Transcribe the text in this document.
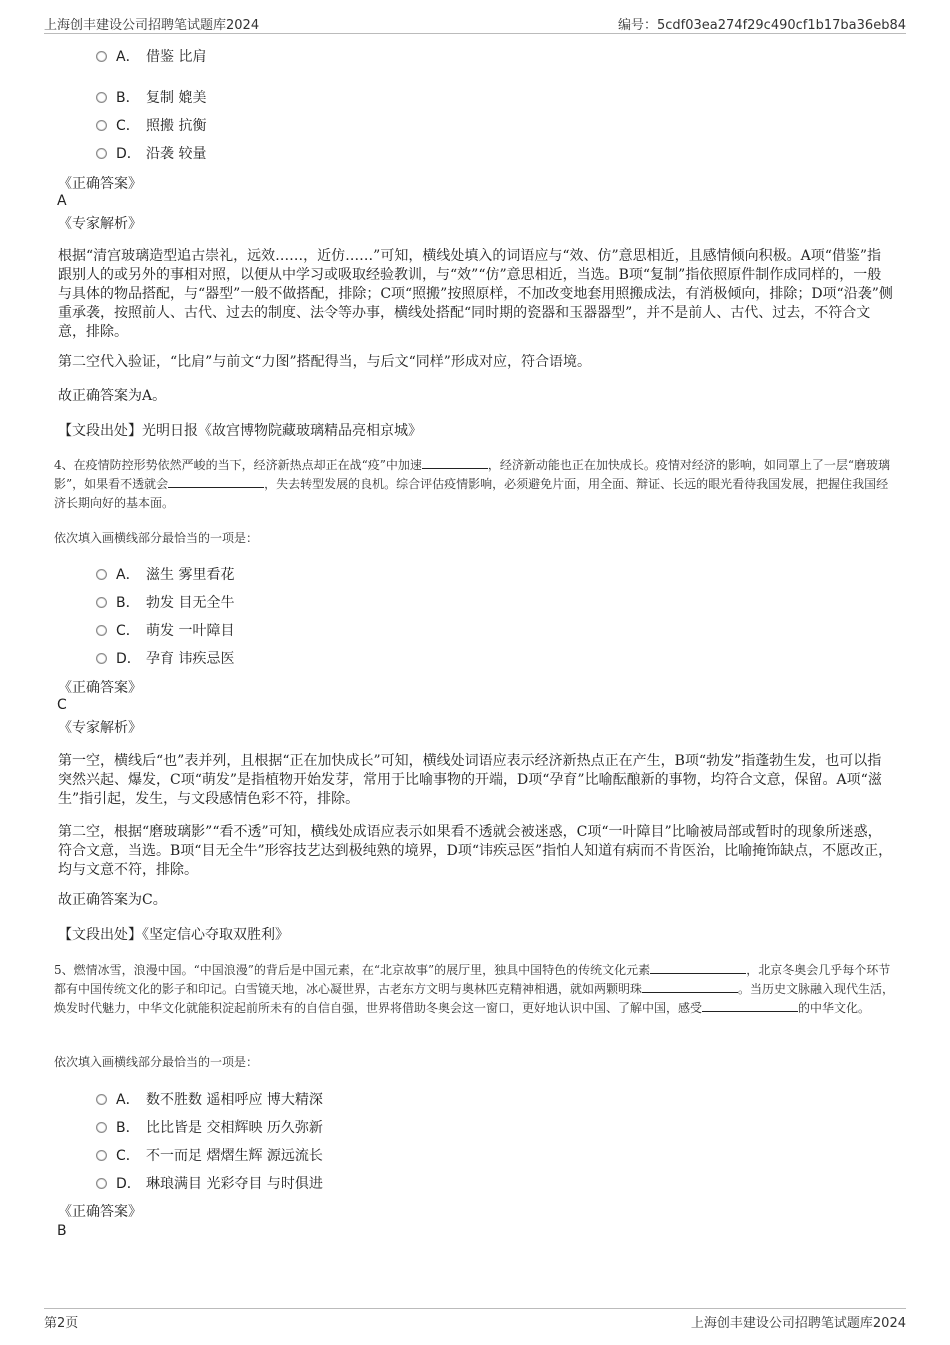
上海创丰建设公司招聘笔试题库2024	编号：5cdf03ea274f29c490cf1b17ba36eb84
A． 借鉴 比肩
B． 复制 媲美
C． 照搬 抗衡
D． 沿袭 较量
《正确答案》
A
《专家解析》
根据“清宫玻璃造型追古崇礼，远效……，近仿……”可知，横线处填入的词语应与“效、仿”意思相近，且感情倾向积极。A项“借鉴”指跟别人的或另外的事相对照，以便从中学习或吸取经验教训，与“效”“仿”意思相近，当选。B项“复制”指依照原件制作成同样的，一般与具体的物品搭配，与“器型”一般不做搭配，排除；C项“照搬”按照原样，不加改变地套用照搬成法，有消极倾向，排除；D项“沿袭”侧重承袭，按照前人、古代、过去的制度、法令等办事，横线处搭配“同时期的瓷器和玉器器型”，并不是前人、古代、过去，不符合文意，排除。
第二空代入验证，“比肩”与前文“力图”搭配得当，与后文“同样”形成对应，符合语境。
故正确答案为A。
【文段出处】光明日报《故宫博物院藏玻璃精品亮相京城》
4、在疫情防控形势依然严峻的当下，经济新热点却正在战“疫”中加速	，经济新动能也正在加快成长。疫情对经济的影响，如同罩上了一层“磨玻璃影”，如果看不透就会	，失去转型发展的良机。综合评估疫情影响，必须避免片面，用全面、辩证、长远的眼光看待我国发展，把握住我国经济长期向好的基本面。
依次填入画横线部分最恰当的一项是：
A． 滋生 雾里看花
B． 勃发 目无全牛
C． 萌发 一叶障目
D． 孕育 讳疾忌医
《正确答案》
C
《专家解析》
第一空，横线后“也”表并列，且根据“正在加快成长”可知，横线处词语应表示经济新热点正在产生，B项“勃发”指蓬勃生发，也可以指突然兴起、爆发，C项“萌发”是指植物开始发芽，常用于比喻事物的开端，D项“孕育”比喻酝酿新的事物，均符合文意，保留。A项“滋生”指引起，发生，与文段感情色彩不符，排除。
第二空，根据“磨玻璃影”“看不透”可知，横线处成语应表示如果看不透就会被迷惑，C项“一叶障目”比喻被局部或暂时的现象所迷惑，符合文意，当选。B项“目无全牛”形容技艺达到极纯熟的境界，D项“讳疾忌医”指怕人知道有病而不肯医治，比喻掩饰缺点，不愿改正，均与文意不符，排除。
故正确答案为C。
【文段出处】《坚定信心夺取双胜利》
5、燃情冰雪，浪漫中国。“中国浪漫”的背后是中国元素，在“北京故事”的展厅里，独具中国特色的传统文化元素	，北京冬奥会几乎每个环节都有中国传统文化的影子和印记。白雪镜天地，冰心凝世界，古老东方文明与奥林匹克精神相遇，就如两颗明珠	。当历史文脉融入现代生活，焕发时代魅力，中华文化就能积淀起前所未有的自信自强，世界将借助冬奥会这一窗口，更好地认识中国、了解中国，感受	的中华文化。
依次填入画横线部分最恰当的一项是：
A． 数不胜数 遥相呼应 博大精深
B． 比比皆是 交相辉映 历久弥新
C． 不一而足 熠熠生辉 源远流长
D． 琳琅满目 光彩夺目 与时俱进
《正确答案》
B
第2页	上海创丰建设公司招聘笔试题库2024
